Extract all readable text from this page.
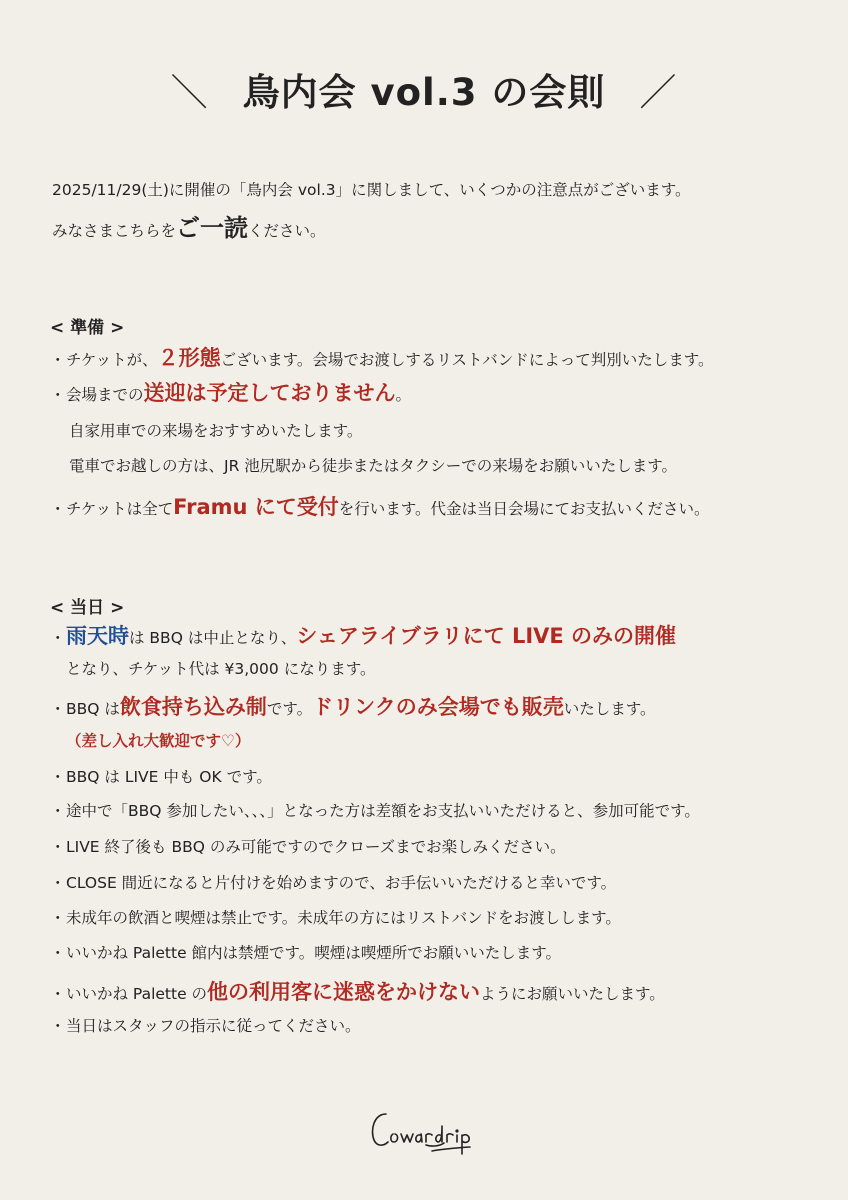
＼ 鳥内会 vol.3 の会則 ／
2025/11/29(土)に開催の「鳥内会 vol.3」に関しまして、いくつかの注意点がございます。
みなさまこちらをご一読ください。
< 準備 >
・チケットが、２形態ございます。会場でお渡しするリストバンドによって判別いたします。
・会場までの送迎は予定しておりません。
自家用車での来場をおすすめいたします。
電車でお越しの方は、JR 池尻駅から徒歩またはタクシーでの来場をお願いいたします。
・チケットは全てFramu にて受付を行います。代金は当日会場にてお支払いください。
< 当日 >
・雨天時は BBQ は中止となり、シェアライブラリにて LIVE のみの開催
となり、チケット代は ¥3,000 になります。
・BBQ は飲食持ち込み制です。ドリンクのみ会場でも販売いたします。
（差し入れ大歓迎です♡）
・BBQ は LIVE 中も OK です。
・途中で「BBQ 参加したい、、、」となった方は差額をお支払いいただけると、参加可能です。
・LIVE 終了後も BBQ のみ可能ですのでクローズまでお楽しみください。
・CLOSE 間近になると片付けを始めますので、お手伝いいただけると幸いです。
・未成年の飲酒と喫煙は禁止です。未成年の方にはリストバンドをお渡しします。
・いいかね Palette 館内は禁煙です。喫煙は喫煙所でお願いいたします。
・いいかね Palette の他の利用客に迷惑をかけないようにお願いいたします。
・当日はスタッフの指示に従ってください。
